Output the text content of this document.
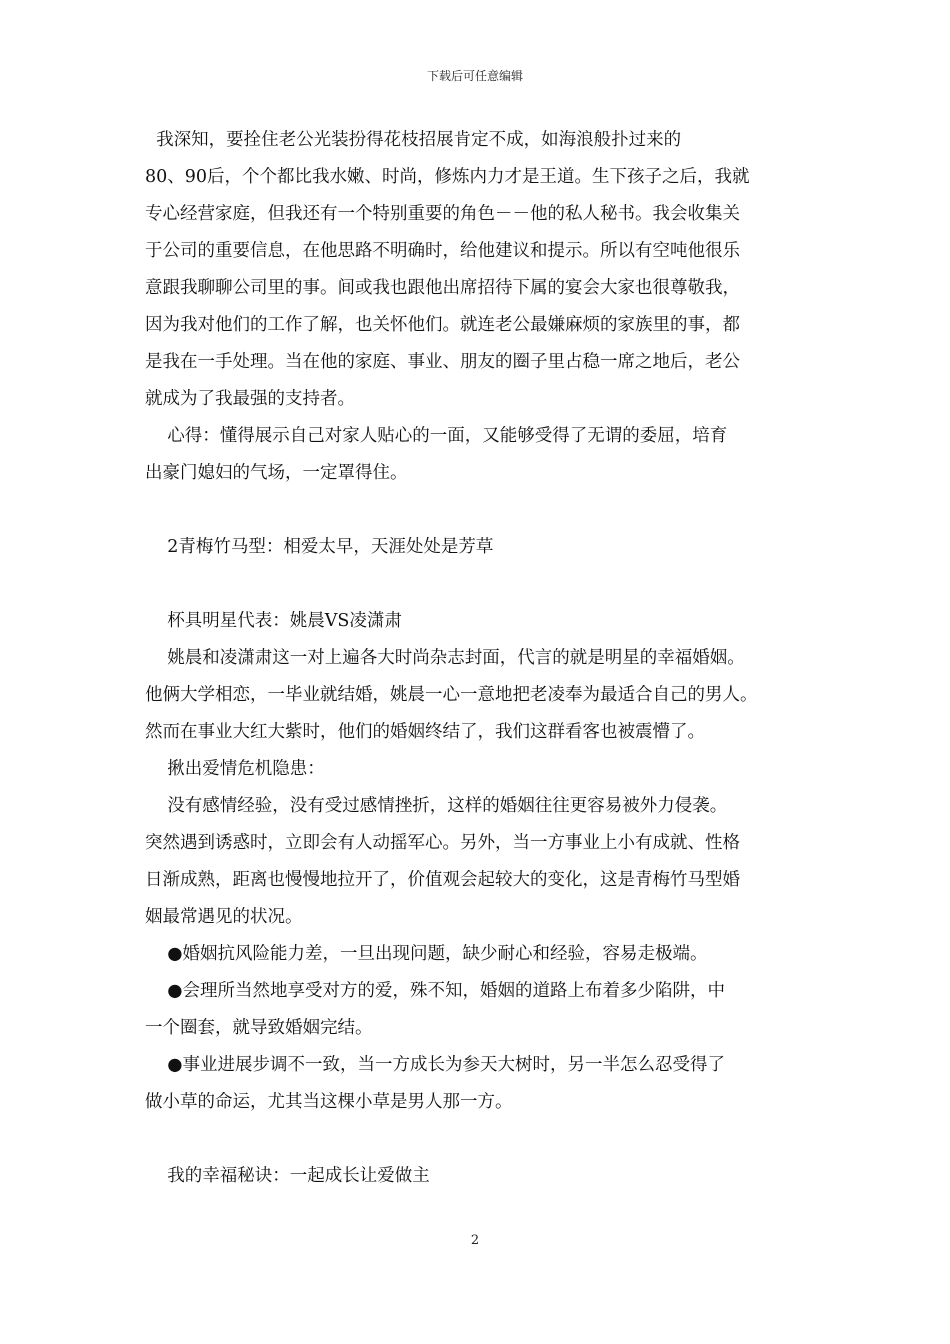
下载后可任意编辑

我深知，要拴住老公光装扮得花枝招展肯定不成，如海浪般扑过来的
80、90后，个个都比我水嫩、时尚，修炼内力才是王道。生下孩子之后，我就
专心经营家庭，但我还有一个特别重要的角色－－他的私人秘书。我会收集关
于公司的重要信息，在他思路不明确时，给他建议和提示。所以有空吨他很乐
意跟我聊聊公司里的事。间或我也跟他出席招待下属的宴会大家也很尊敬我，
因为我对他们的工作了解，也关怀他们。就连老公最嫌麻烦的家族里的事，都
是我在一手处理。当在他的家庭、事业、朋友的圈子里占稳一席之地后，老公
就成为了我最强的支持者。

心得：懂得展示自己对家人贴心的一面，又能够受得了无谓的委屈，培育
出豪门媳妇的气场，一定罩得住。

2青梅竹马型：相爱太早，天涯处处是芳草

杯具明星代表：姚晨VS凌潇肃

姚晨和凌潇肃这一对上遍各大时尚杂志封面，代言的就是明星的幸福婚姻。
他俩大学相恋，一毕业就结婚，姚晨一心一意地把老凌奉为最适合自己的男人。
然而在事业大红大紫时，他们的婚姻终结了，我们这群看客也被震懵了。

揪出爱情危机隐患：

没有感情经验，没有受过感情挫折，这样的婚姻往往更容易被外力侵袭。
突然遇到诱惑时，立即会有人动摇军心。另外，当一方事业上小有成就、性格
日渐成熟，距离也慢慢地拉开了，价值观会起较大的变化，这是青梅竹马型婚
姻最常遇见的状况。

●婚姻抗风险能力差，一旦出现问题，缺少耐心和经验，容易走极端。

●会理所当然地享受对方的爱，殊不知，婚姻的道路上布着多少陷阱，中
一个圈套，就导致婚姻完结。

●事业进展步调不一致，当一方成长为参天大树时，另一半怎么忍受得了
做小草的命运，尤其当这棵小草是男人那一方。

我的幸福秘诀：一起成长让爱做主

2
